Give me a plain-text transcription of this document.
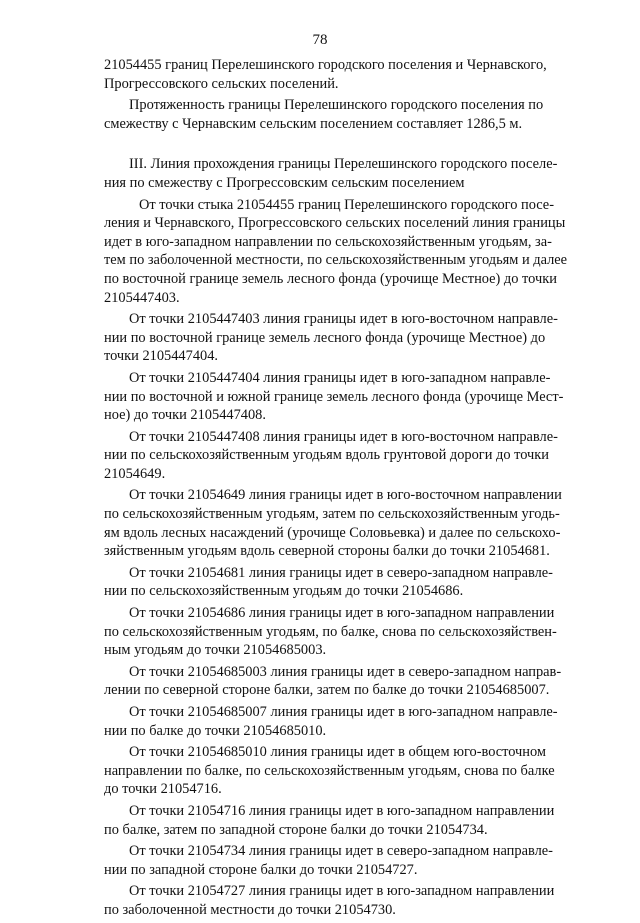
78
21054455 границ Перелешинского городского поселения и Чернавского,
Прогрессовского сельских поселений.
Протяженность границы Перелешинского городского поселения по
смежеству с Чернавским сельским поселением составляет 1286,5 м.
III. Линия прохождения границы Перелешинского городского поселе-
ния по смежеству с Прогрессовским сельским поселением
От точки стыка 21054455 границ Перелешинского городского посе-
ления и Чернавского, Прогрессовского сельских поселений линия границы
идет в юго-западном направлении по сельскохозяйственным угодьям, за-
тем по заболоченной местности, по сельскохозяйственным угодьям и далее
по восточной границе земель лесного фонда (урочище Местное) до точки
2105447403.
От точки 2105447403 линия границы идет в юго-восточном направле-
нии по восточной границе земель лесного фонда (урочище Местное) до
точки 2105447404.
От точки 2105447404 линия границы идет в юго-западном направле-
нии по восточной и южной границе земель лесного фонда (урочище Мест-
ное) до точки 2105447408.
От точки 2105447408 линия границы идет в юго-восточном направле-
нии по сельскохозяйственным угодьям вдоль грунтовой дороги до точки
21054649.
От точки 21054649 линия границы идет в юго-восточном направлении
по сельскохозяйственным угодьям, затем по сельскохозяйственным угодь-
ям вдоль лесных насаждений (урочище Соловьевка) и далее по сельскохо-
зяйственным угодьям вдоль северной стороны балки до точки 21054681.
От точки 21054681 линия границы идет в северо-западном направле-
нии по сельскохозяйственным угодьям до точки 21054686.
От точки 21054686 линия границы идет в юго-западном направлении
по сельскохозяйственным угодьям, по балке, снова по сельскохозяйствен-
ным угодьям до точки 21054685003.
От точки 21054685003 линия границы идет в северо-западном направ-
лении по северной стороне балки, затем по балке до точки 21054685007.
От точки 21054685007 линия границы идет в юго-западном направле-
нии по балке до точки 21054685010.
От точки 21054685010 линия границы идет в общем юго-восточном
направлении по балке, по сельскохозяйственным угодьям, снова по балке
до точки 21054716.
От точки 21054716 линия границы идет в юго-западном направлении
по балке, затем по западной стороне балки до точки 21054734.
От точки 21054734 линия границы идет в северо-западном направле-
нии по западной стороне балки до точки 21054727.
От точки 21054727 линия границы идет в юго-западном направлении
по заболоченной местности до точки 21054730.
